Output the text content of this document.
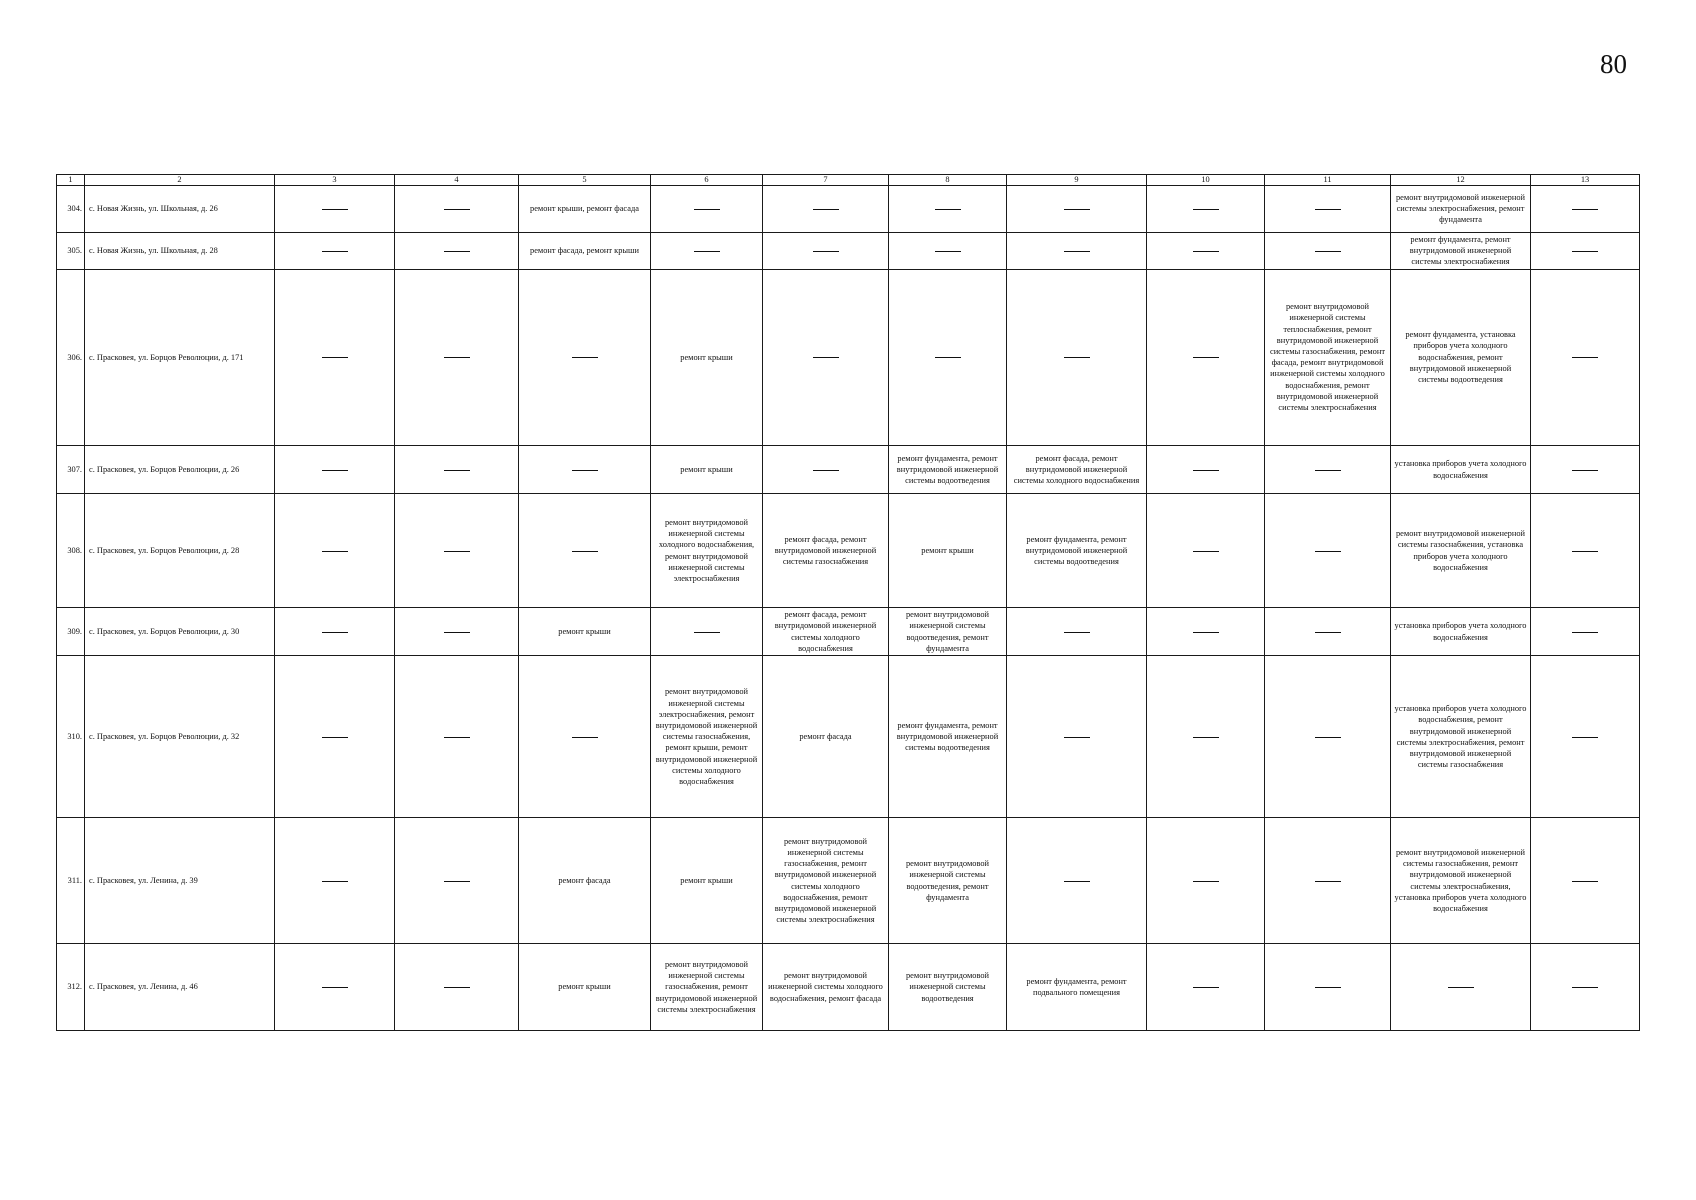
80
1	2	3	4	5	6	7	8	9	10	11	12	13
304.	с. Новая Жизнь, ул. Школьная, д. 26			ремонт крыши, ремонт фасада							ремонт внутридомовой инженерной системы электроснабжения, ремонт фундамента	
305.	с. Новая Жизнь, ул. Школьная, д. 28			ремонт фасада, ремонт крыши							ремонт фундамента, ремонт внутридомовой инженерной системы электроснабжения	
306.	с. Прасковея, ул. Борцов Революции, д. 171				ремонт крыши					ремонт внутридомовой инженерной системы теплоснабжения, ремонт внутридомовой инженерной системы газоснабжения, ремонт фасада, ремонт внутридомовой инженерной системы холодного водоснабжения, ремонт внутридомовой инженерной системы электроснабжения	ремонт фундамента, установка приборов учета холодного водоснабжения, ремонт внутридомовой инженерной системы водоотведения	
307.	с. Прасковея, ул. Борцов Революции, д. 26				ремонт крыши		ремонт фундамента, ремонт внутридомовой инженерной системы водоотведения	ремонт фасада, ремонт внутридомовой инженерной системы холодного водоснабжения			установка приборов учета холодного водоснабжения	
308.	с. Прасковея, ул. Борцов Революции, д. 28				ремонт внутридомовой инженерной системы холодного водоснабжения, ремонт внутридомовой инженерной системы электроснабжения	ремонт фасада, ремонт внутридомовой инженерной системы газоснабжения	ремонт крыши	ремонт фундамента, ремонт внутридомовой инженерной системы водоотведения			ремонт внутридомовой инженерной системы газоснабжения, установка приборов учета холодного водоснабжения	
309.	с. Прасковея, ул. Борцов Революции, д. 30			ремонт крыши		ремонт фасада, ремонт внутридомовой инженерной системы холодного водоснабжения	ремонт внутридомовой инженерной системы водоотведения, ремонт фундамента				установка приборов учета холодного водоснабжения	
310.	с. Прасковея, ул. Борцов Революции, д. 32				ремонт внутридомовой инженерной системы электроснабжения, ремонт внутридомовой инженерной системы газоснабжения, ремонт крыши, ремонт внутридомовой инженерной системы холодного водоснабжения	ремонт фасада	ремонт фундамента, ремонт внутридомовой инженерной системы водоотведения				установка приборов учета холодного водоснабжения, ремонт внутридомовой инженерной системы электроснабжения, ремонт внутридомовой инженерной системы газоснабжения	
311.	с. Прасковея, ул. Ленина, д. 39			ремонт фасада	ремонт крыши	ремонт внутридомовой инженерной системы газоснабжения, ремонт внутридомовой инженерной системы холодного водоснабжения, ремонт внутридомовой инженерной системы электроснабжения	ремонт внутридомовой инженерной системы водоотведения, ремонт фундамента				ремонт внутридомовой инженерной системы газоснабжения, ремонт внутридомовой инженерной системы электроснабжения, установка приборов учета холодного водоснабжения	
312.	с. Прасковея, ул. Ленина, д. 46			ремонт крыши	ремонт внутридомовой инженерной системы газоснабжения, ремонт внутридомовой инженерной системы электроснабжения	ремонт внутридомовой инженерной системы холодного водоснабжения, ремонт фасада	ремонт внутридомовой инженерной системы водоотведения	ремонт фундамента, ремонт подвального помещения				
